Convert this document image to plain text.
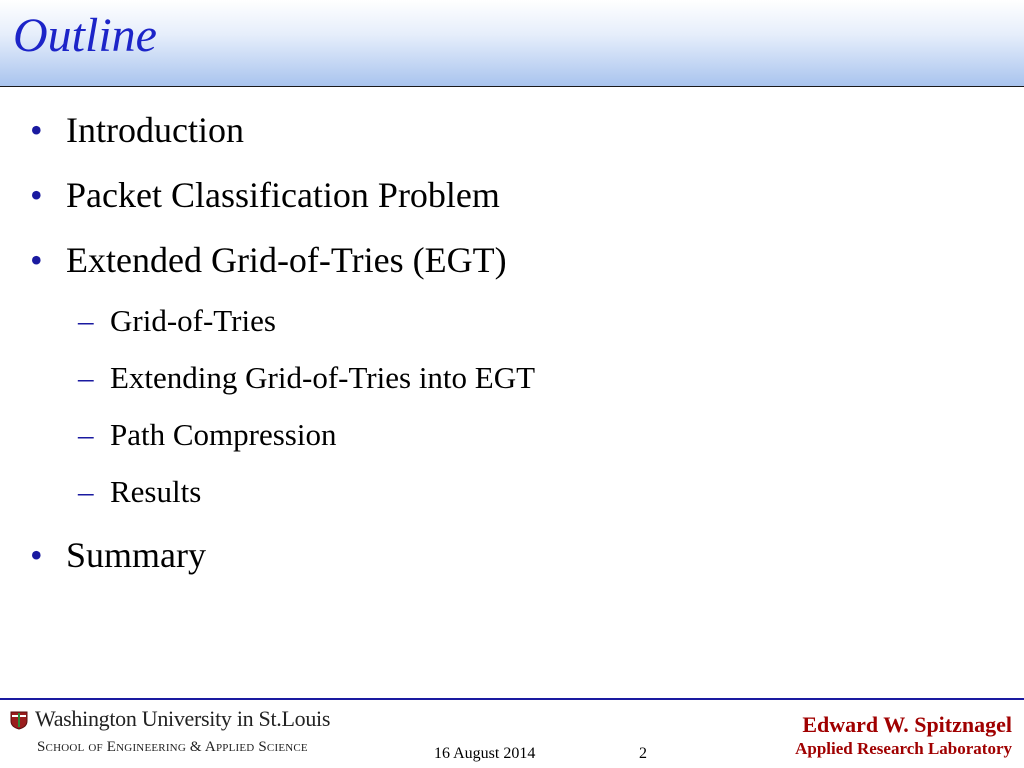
Outline
• Introduction
• Packet Classification Problem
• Extended Grid-of-Tries (EGT)
– Grid-of-Tries
– Extending Grid-of-Tries into EGT
– Path Compression
– Results
• Summary
Washington University in St.Louis
School of Engineering & Applied Science	16 August 2014	2
Edward W. Spitznagel
Applied Research Laboratory
